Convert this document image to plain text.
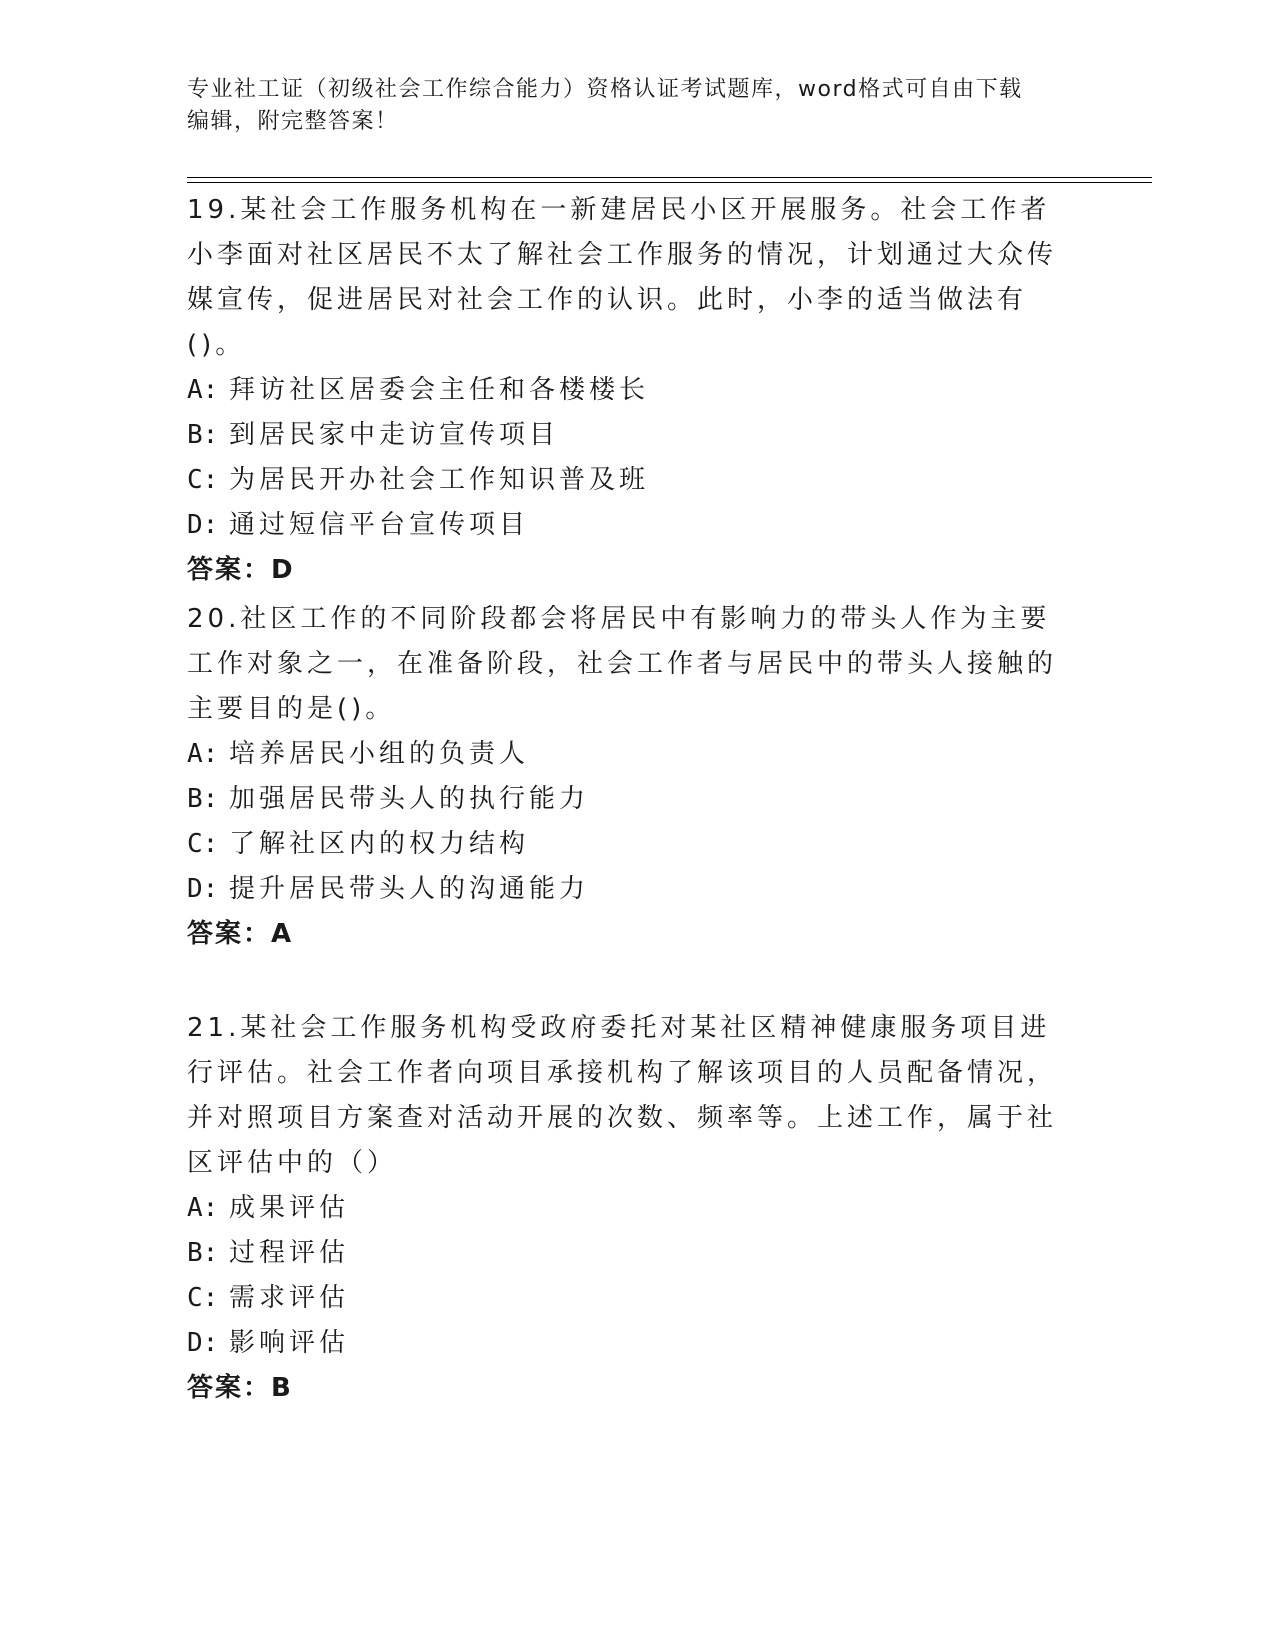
专业社工证（初级社会工作综合能力）资格认证考试题库，word格式可自由下载
编辑，附完整答案！

19.某社会工作服务机构在一新建居民小区开展服务。社会工作者小李面对社区居民不太了解社会工作服务的情况，计划通过大众传媒宣传，促进居民对社会工作的认识。此时，小李的适当做法有()。

A: 拜访社区居委会主任和各楼楼长
B: 到居民家中走访宣传项目
C: 为居民开办社会工作知识普及班
D: 通过短信平台宣传项目
答案：D

20.社区工作的不同阶段都会将居民中有影响力的带头人作为主要工作对象之一，在准备阶段，社会工作者与居民中的带头人接触的主要目的是()。

A: 培养居民小组的负责人
B: 加强居民带头人的执行能力
C: 了解社区内的权力结构
D: 提升居民带头人的沟通能力
答案：A

21.某社会工作服务机构受政府委托对某社区精神健康服务项目进行评估。社会工作者向项目承接机构了解该项目的人员配备情况，并对照项目方案查对活动开展的次数、频率等。上述工作，属于社区评估中的（）

A: 成果评估
B: 过程评估
C: 需求评估
D: 影响评估
答案：B
